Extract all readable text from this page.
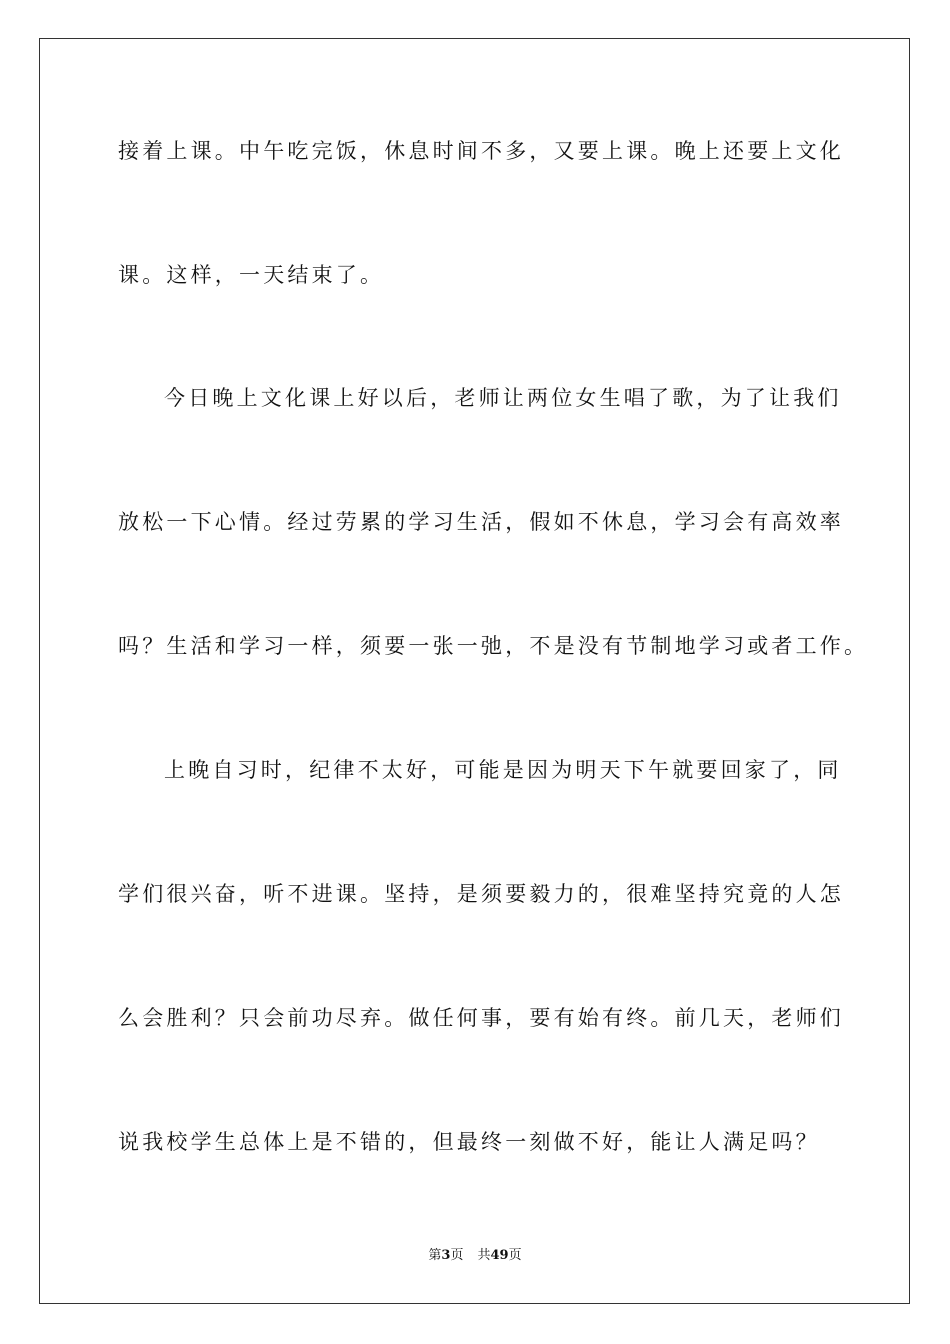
接着上课。中午吃完饭，休息时间不多，又要上课。晚上还要上文化
课。这样，一天结束了。
今日晚上文化课上好以后，老师让两位女生唱了歌，为了让我们
放松一下心情。经过劳累的学习生活，假如不休息，学习会有高效率
吗？生活和学习一样，须要一张一弛，不是没有节制地学习或者工作。
上晚自习时，纪律不太好，可能是因为明天下午就要回家了，同
学们很兴奋，听不进课。坚持，是须要毅力的，很难坚持究竟的人怎
么会胜利？只会前功尽弃。做任何事，要有始有终。前几天，老师们
说我校学生总体上是不错的，但最终一刻做不好，能让人满足吗？
第3页 共49页
